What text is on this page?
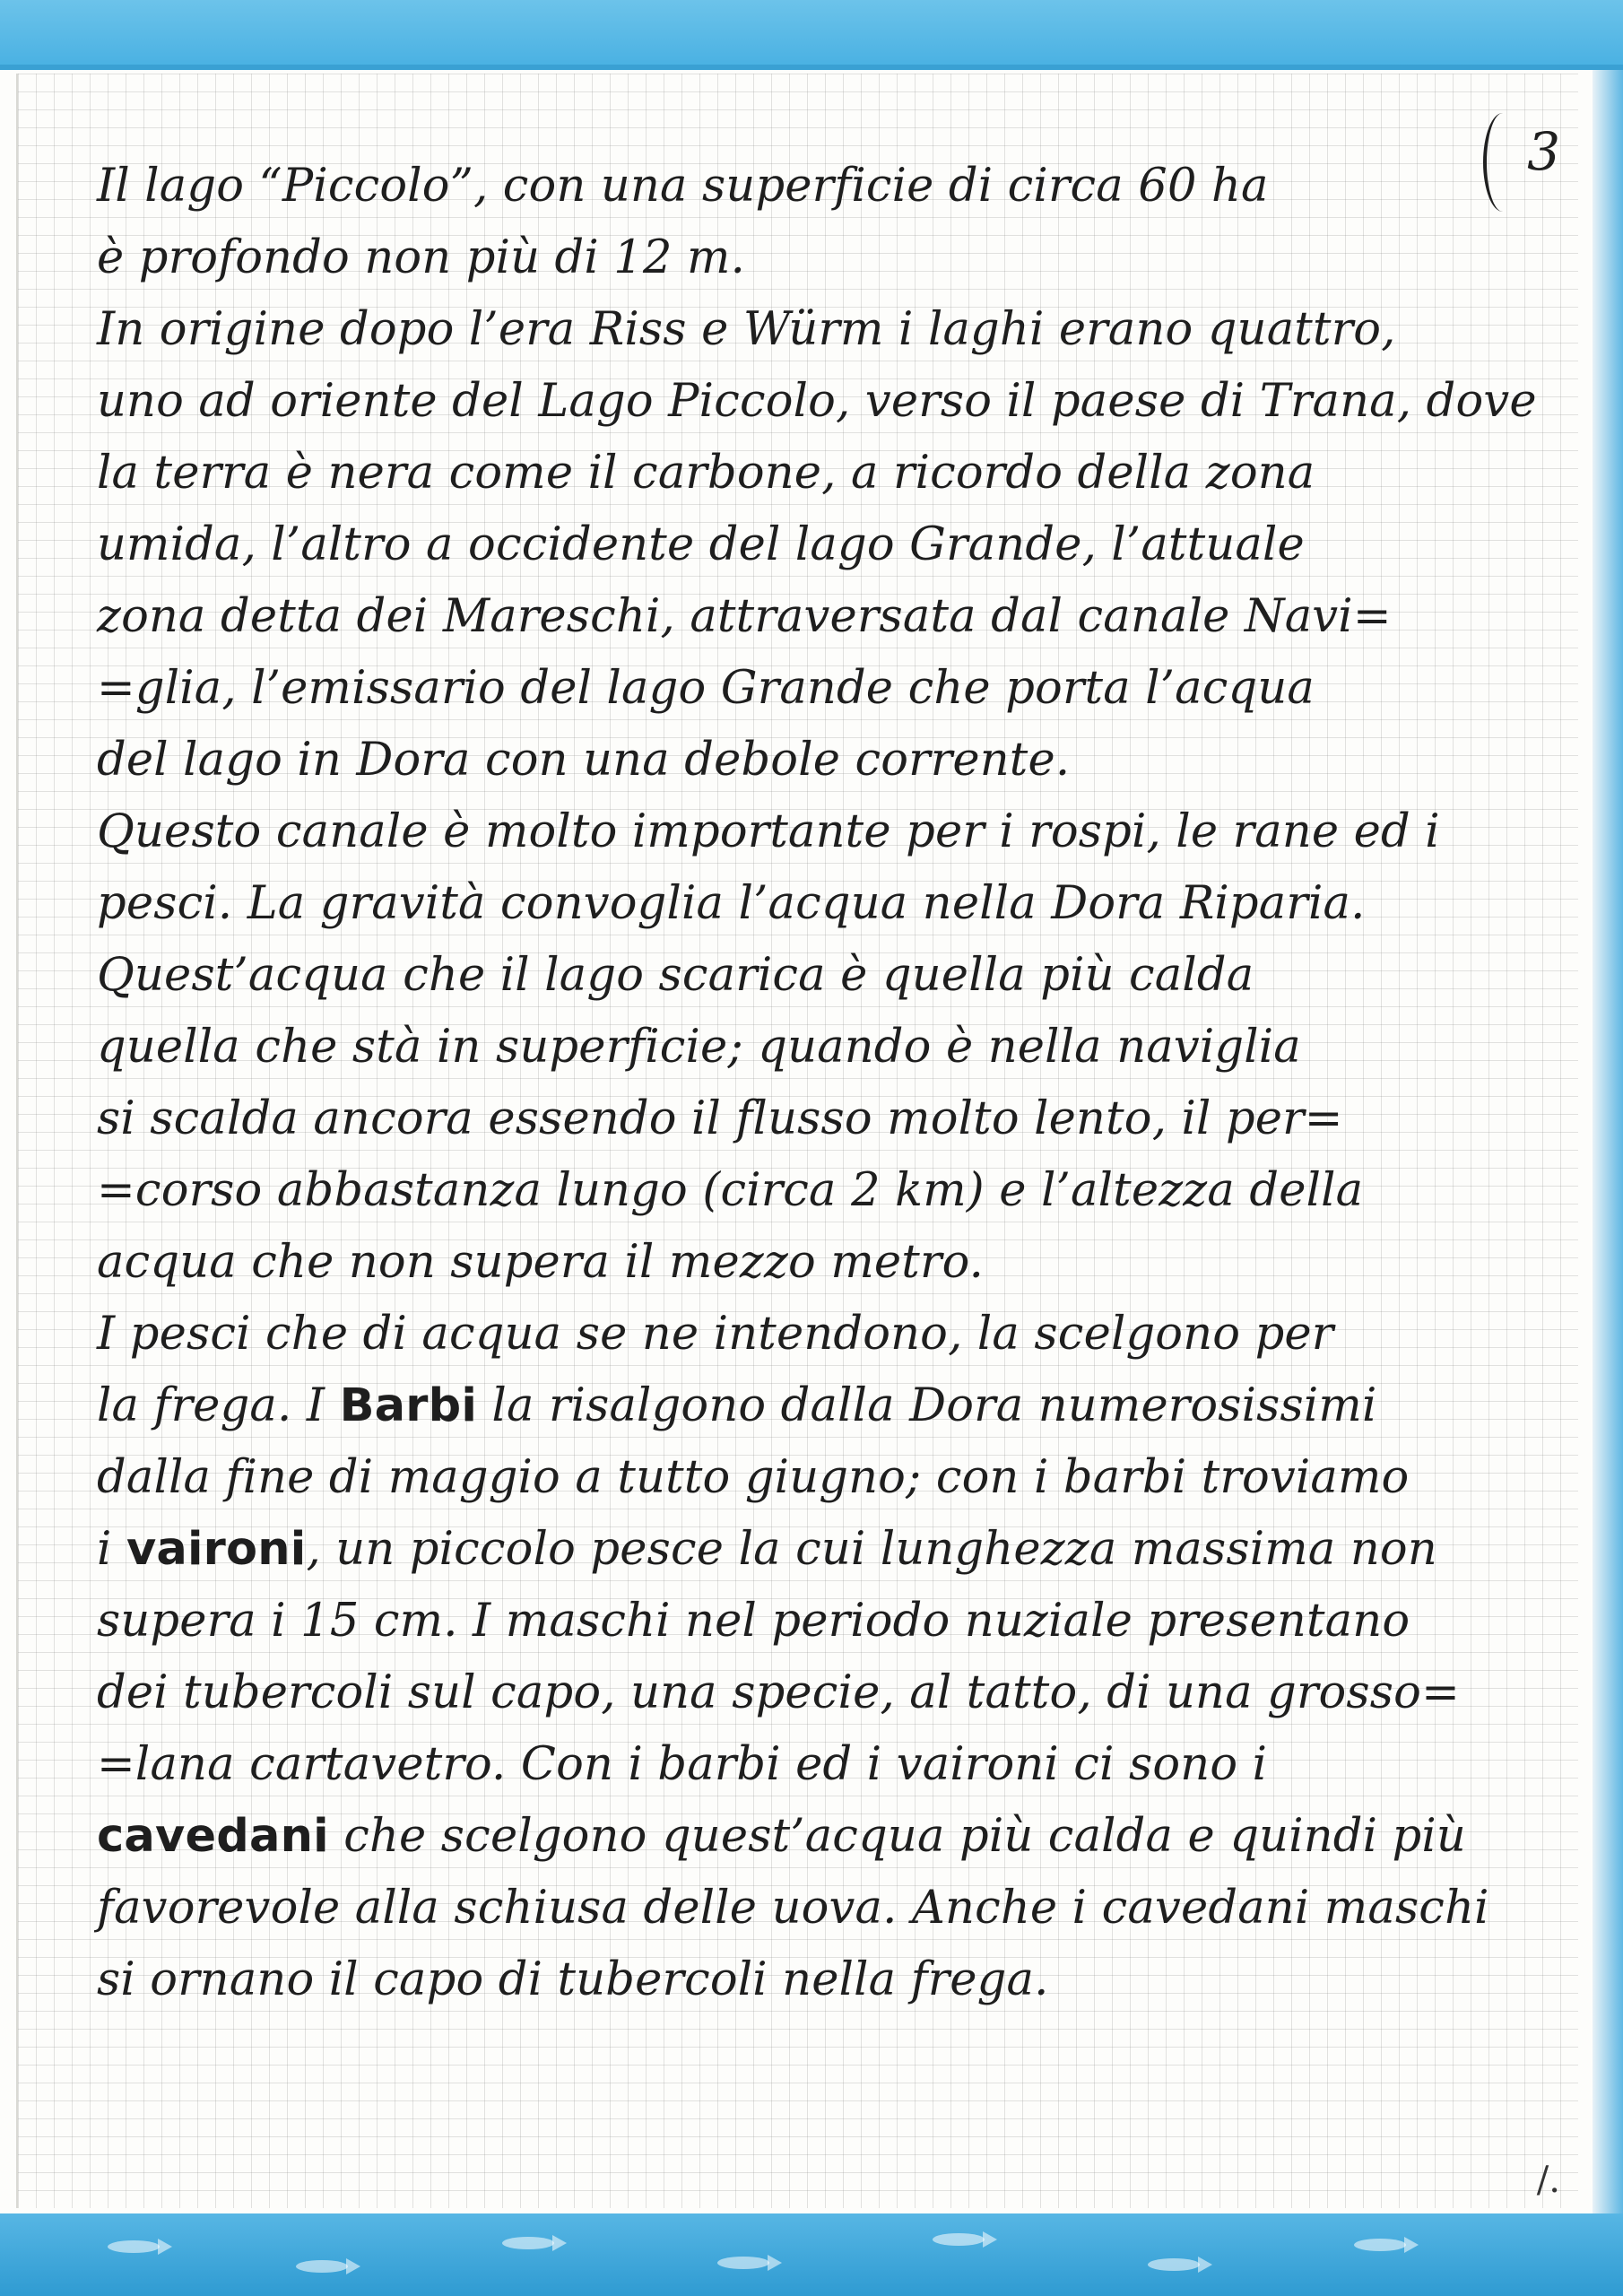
3

Il lago “Piccolo”, con una superficie di circa 60 ha

è profondo non più di 12 m.

In origine dopo l’era Riss e Würm i laghi erano quattro,

uno ad oriente del Lago Piccolo, verso il paese di Trana, dove

la terra è nera come il carbone, a ricordo della zona

umida, l’altro a occidente del lago Grande, l’attuale

zona detta dei Mareschi, attraversata dal canale Navi=

=glia, l’emissario del lago Grande che porta l’acqua

del lago in Dora con una debole corrente.

Questo canale è molto importante per i rospi, le rane ed i

pesci. La gravità convoglia l’acqua nella Dora Riparia.

Quest’acqua che il lago scarica è quella più calda

quella che stà in superficie; quando è nella naviglia

si scalda ancora essendo il flusso molto lento, il per=

=corso abbastanza lungo (circa 2 km) e l’altezza della

acqua che non supera il mezzo metro.

I pesci che di acqua se ne intendono, la scelgono per

la frega. I Barbi la risalgono dalla Dora numerosissimi

dalla fine di maggio a tutto giugno; con i barbi troviamo

i vaironi, un piccolo pesce la cui lunghezza massima non

supera i 15 cm. I maschi nel periodo nuziale presentano

dei tubercoli sul capo, una specie, al tatto, di una grosso=

=lana cartavetro. Con i barbi ed i vaironi ci sono i

cavedani che scelgono quest’acqua più calda e quindi più

favorevole alla schiusa delle uova. Anche i cavedani maschi

si ornano il capo di tubercoli nella frega.

/.
